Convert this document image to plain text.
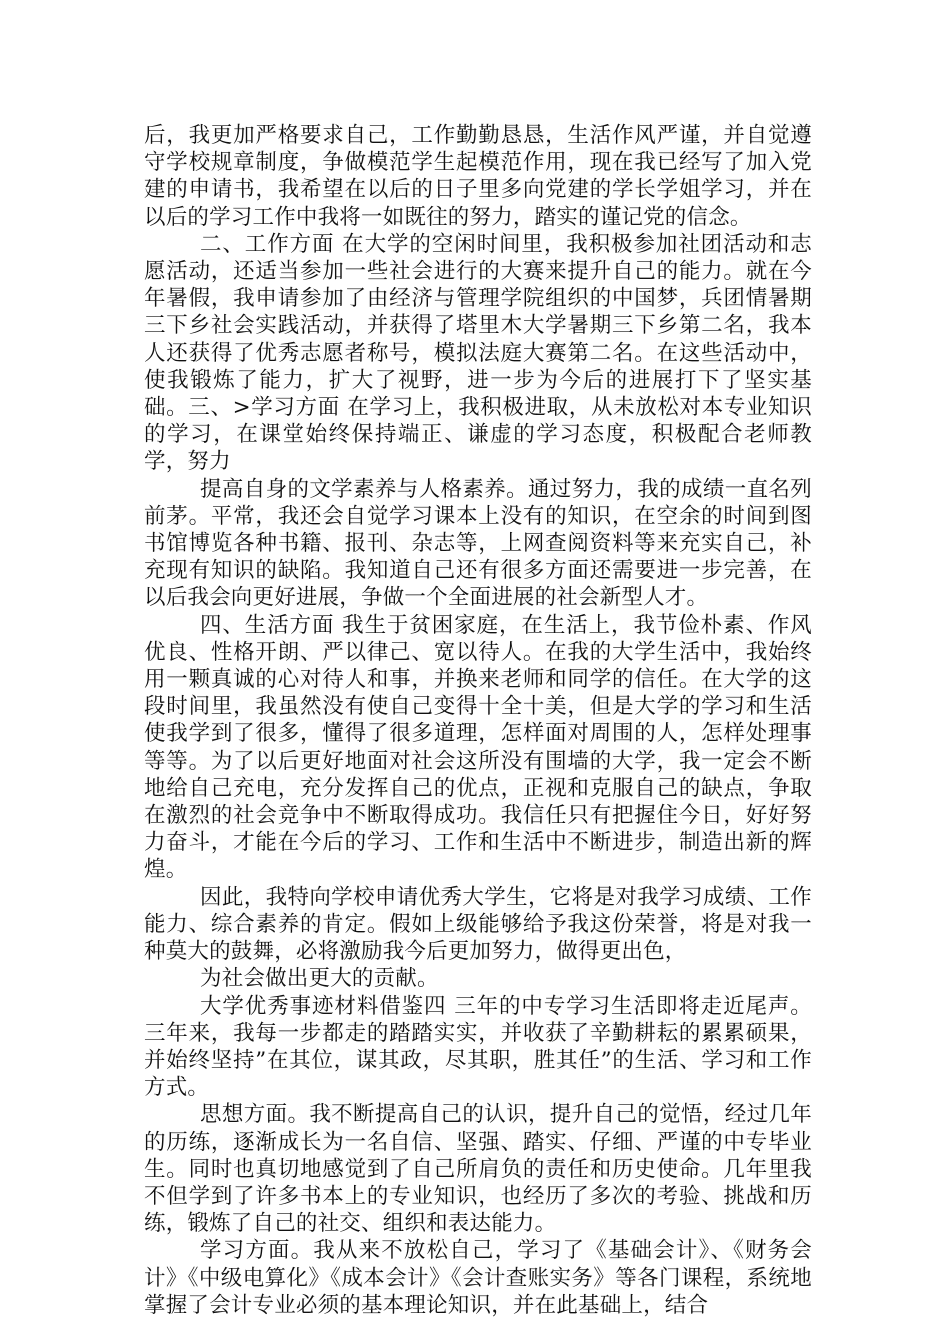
后，我更加严格要求自己，工作勤勤恳恳，生活作风严谨，并自觉遵守学校规章制度，争做模范学生起模范作用，现在我已经写了加入党建的申请书，我希望在以后的日子里多向党建的学长学姐学习，并在以后的学习工作中我将一如既往的努力，踏实的谨记党的信念。

二、工作方面 在大学的空闲时间里，我积极参加社团活动和志愿活动，还适当参加一些社会进行的大赛来提升自己的能力。就在今年暑假，我申请参加了由经济与管理学院组织的中国梦，兵团情暑期三下乡社会实践活动，并获得了塔里木大学暑期三下乡第二名，我本人还获得了优秀志愿者称号，模拟法庭大赛第二名。在这些活动中，使我锻炼了能力，扩大了视野，进一步为今后的进展打下了坚实基础。三、>学习方面 在学习上，我积极进取，从未放松对本专业知识的学习，在课堂始终保持端正、谦虚的学习态度，积极配合老师教学，努力

提高自身的文学素养与人格素养。通过努力，我的成绩一直名列前茅。平常，我还会自觉学习课本上没有的知识，在空余的时间到图书馆博览各种书籍、报刊、杂志等，上网查阅资料等来充实自己，补充现有知识的缺陷。我知道自己还有很多方面还需要进一步完善，在以后我会向更好进展，争做一个全面进展的社会新型人才。

四、生活方面 我生于贫困家庭，在生活上，我节俭朴素、作风优良、性格开朗、严以律己、宽以待人。在我的大学生活中，我始终用一颗真诚的心对待人和事，并换来老师和同学的信任。在大学的这段时间里，我虽然没有使自己变得十全十美，但是大学的学习和生活使我学到了很多，懂得了很多道理，怎样面对周围的人，怎样处理事等等。为了以后更好地面对社会这所没有围墙的大学，我一定会不断地给自己充电，充分发挥自己的优点，正视和克服自己的缺点，争取在激烈的社会竞争中不断取得成功。我信任只有把握住今日，好好努力奋斗，才能在今后的学习、工作和生活中不断进步，制造出新的辉煌。

因此，我特向学校申请优秀大学生，它将是对我学习成绩、工作能力、综合素养的肯定。假如上级能够给予我这份荣誉，将是对我一种莫大的鼓舞，必将激励我今后更加努力，做得更出色，

为社会做出更大的贡献。

大学优秀事迹材料借鉴四 三年的中专学习生活即将走近尾声。三年来，我每一步都走的踏踏实实，并收获了辛勤耕耘的累累硕果，并始终坚持”在其位，谋其政，尽其职，胜其任”的生活、学习和工作方式。

思想方面。我不断提高自己的认识，提升自己的觉悟，经过几年的历练，逐渐成长为一名自信、坚强、踏实、仔细、严谨的中专毕业生。同时也真切地感觉到了自己所肩负的责任和历史使命。几年里我不但学到了许多书本上的专业知识，也经历了多次的考验、挑战和历练，锻炼了自己的社交、组织和表达能力。

学习方面。我从来不放松自己，学习了《基础会计》、《财务会计》《中级电算化》《成本会计》《会计查账实务》等各门课程，系统地掌握了会计专业必须的基本理论知识，并在此基础上，结合
